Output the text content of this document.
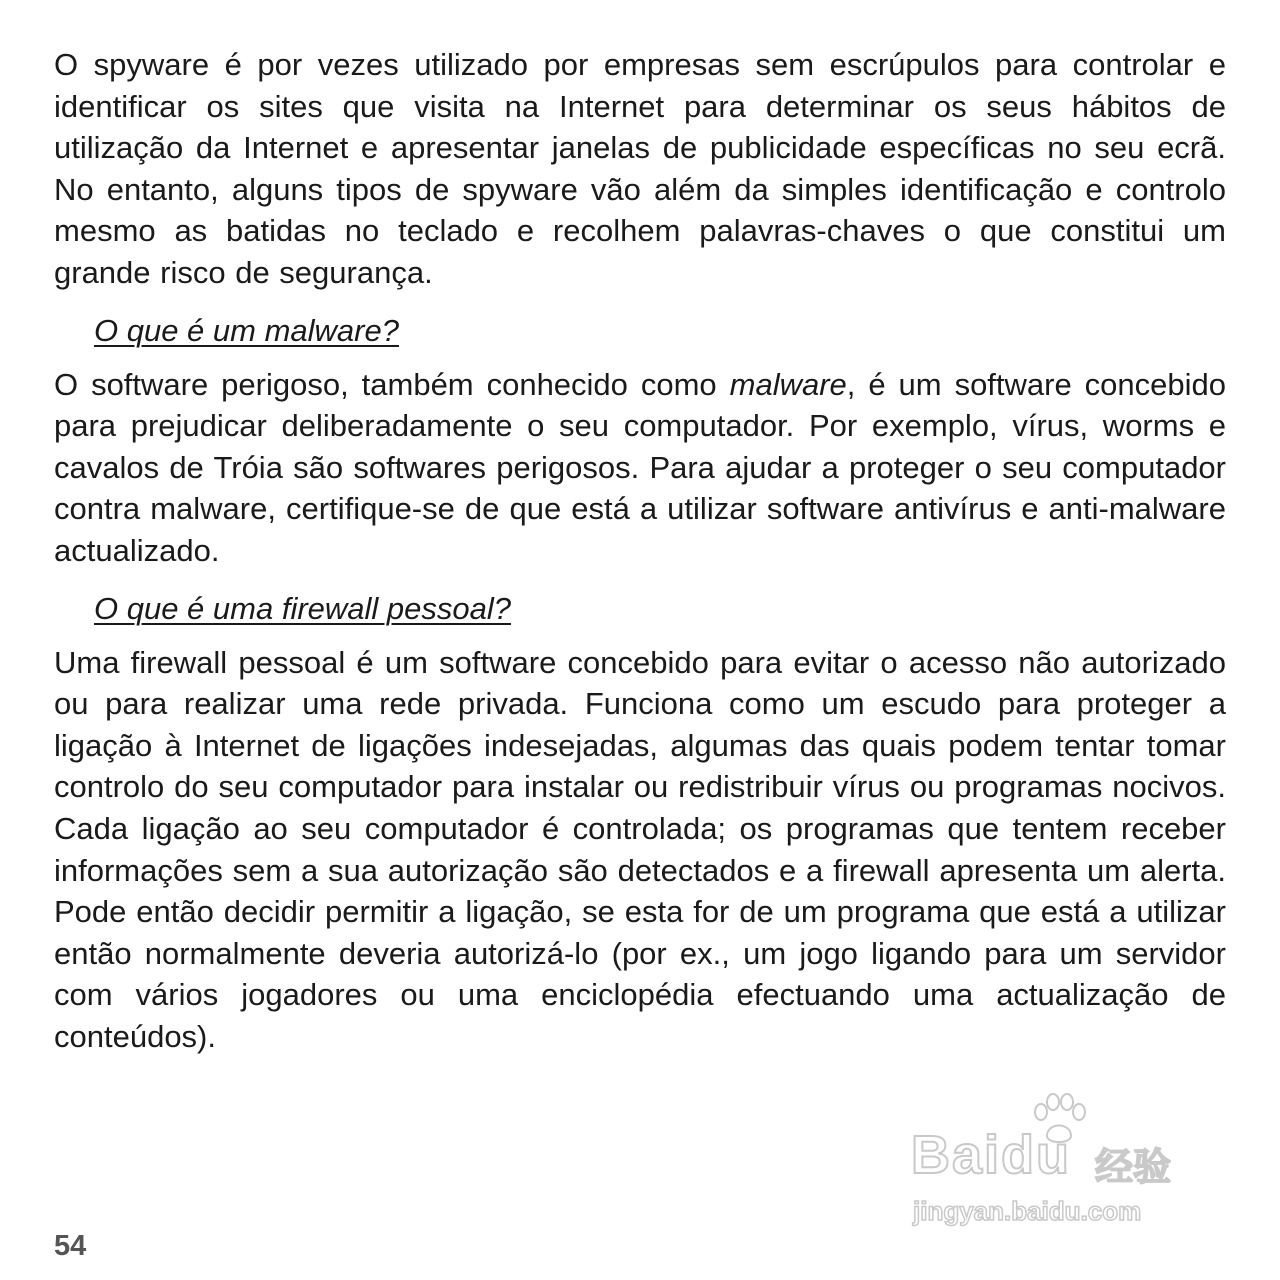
O spyware é por vezes utilizado por empresas sem escrúpulos para controlar e identificar os sites que visita na Internet para determinar os seus hábitos de utilização da Internet e apresentar janelas de publicidade específicas no seu ecrã. No entanto, alguns tipos de spyware vão além da simples identificação e controlo mesmo as batidas no teclado e recolhem palavras-chaves o que constitui um grande risco de segurança.

O que é um malware?

O software perigoso, também conhecido como malware, é um software concebido para prejudicar deliberadamente o seu computador. Por exemplo, vírus, worms e cavalos de Tróia são softwares perigosos. Para ajudar a proteger o seu computador contra malware, certifique-se de que está a utilizar software antivírus e anti-malware actualizado.

O que é uma firewall pessoal?

Uma firewall pessoal é um software concebido para evitar o acesso não autorizado ou para realizar uma rede privada. Funciona como um escudo para proteger a ligação à Internet de ligações indesejadas, algumas das quais podem tentar tomar controlo do seu computador para instalar ou redistribuir vírus ou programas nocivos. Cada ligação ao seu computador é controlada; os programas que tentem receber informações sem a sua autorização são detectados e a firewall apresenta um alerta. Pode então decidir permitir a ligação, se esta for de um programa que está a utilizar então normalmente deveria autorizá-lo (por ex., um jogo ligando para um servidor com vários jogadores ou uma enciclopédia efectuando uma actualização de conteúdos).

Baidu 经验
jingyan.baidu.com
54
